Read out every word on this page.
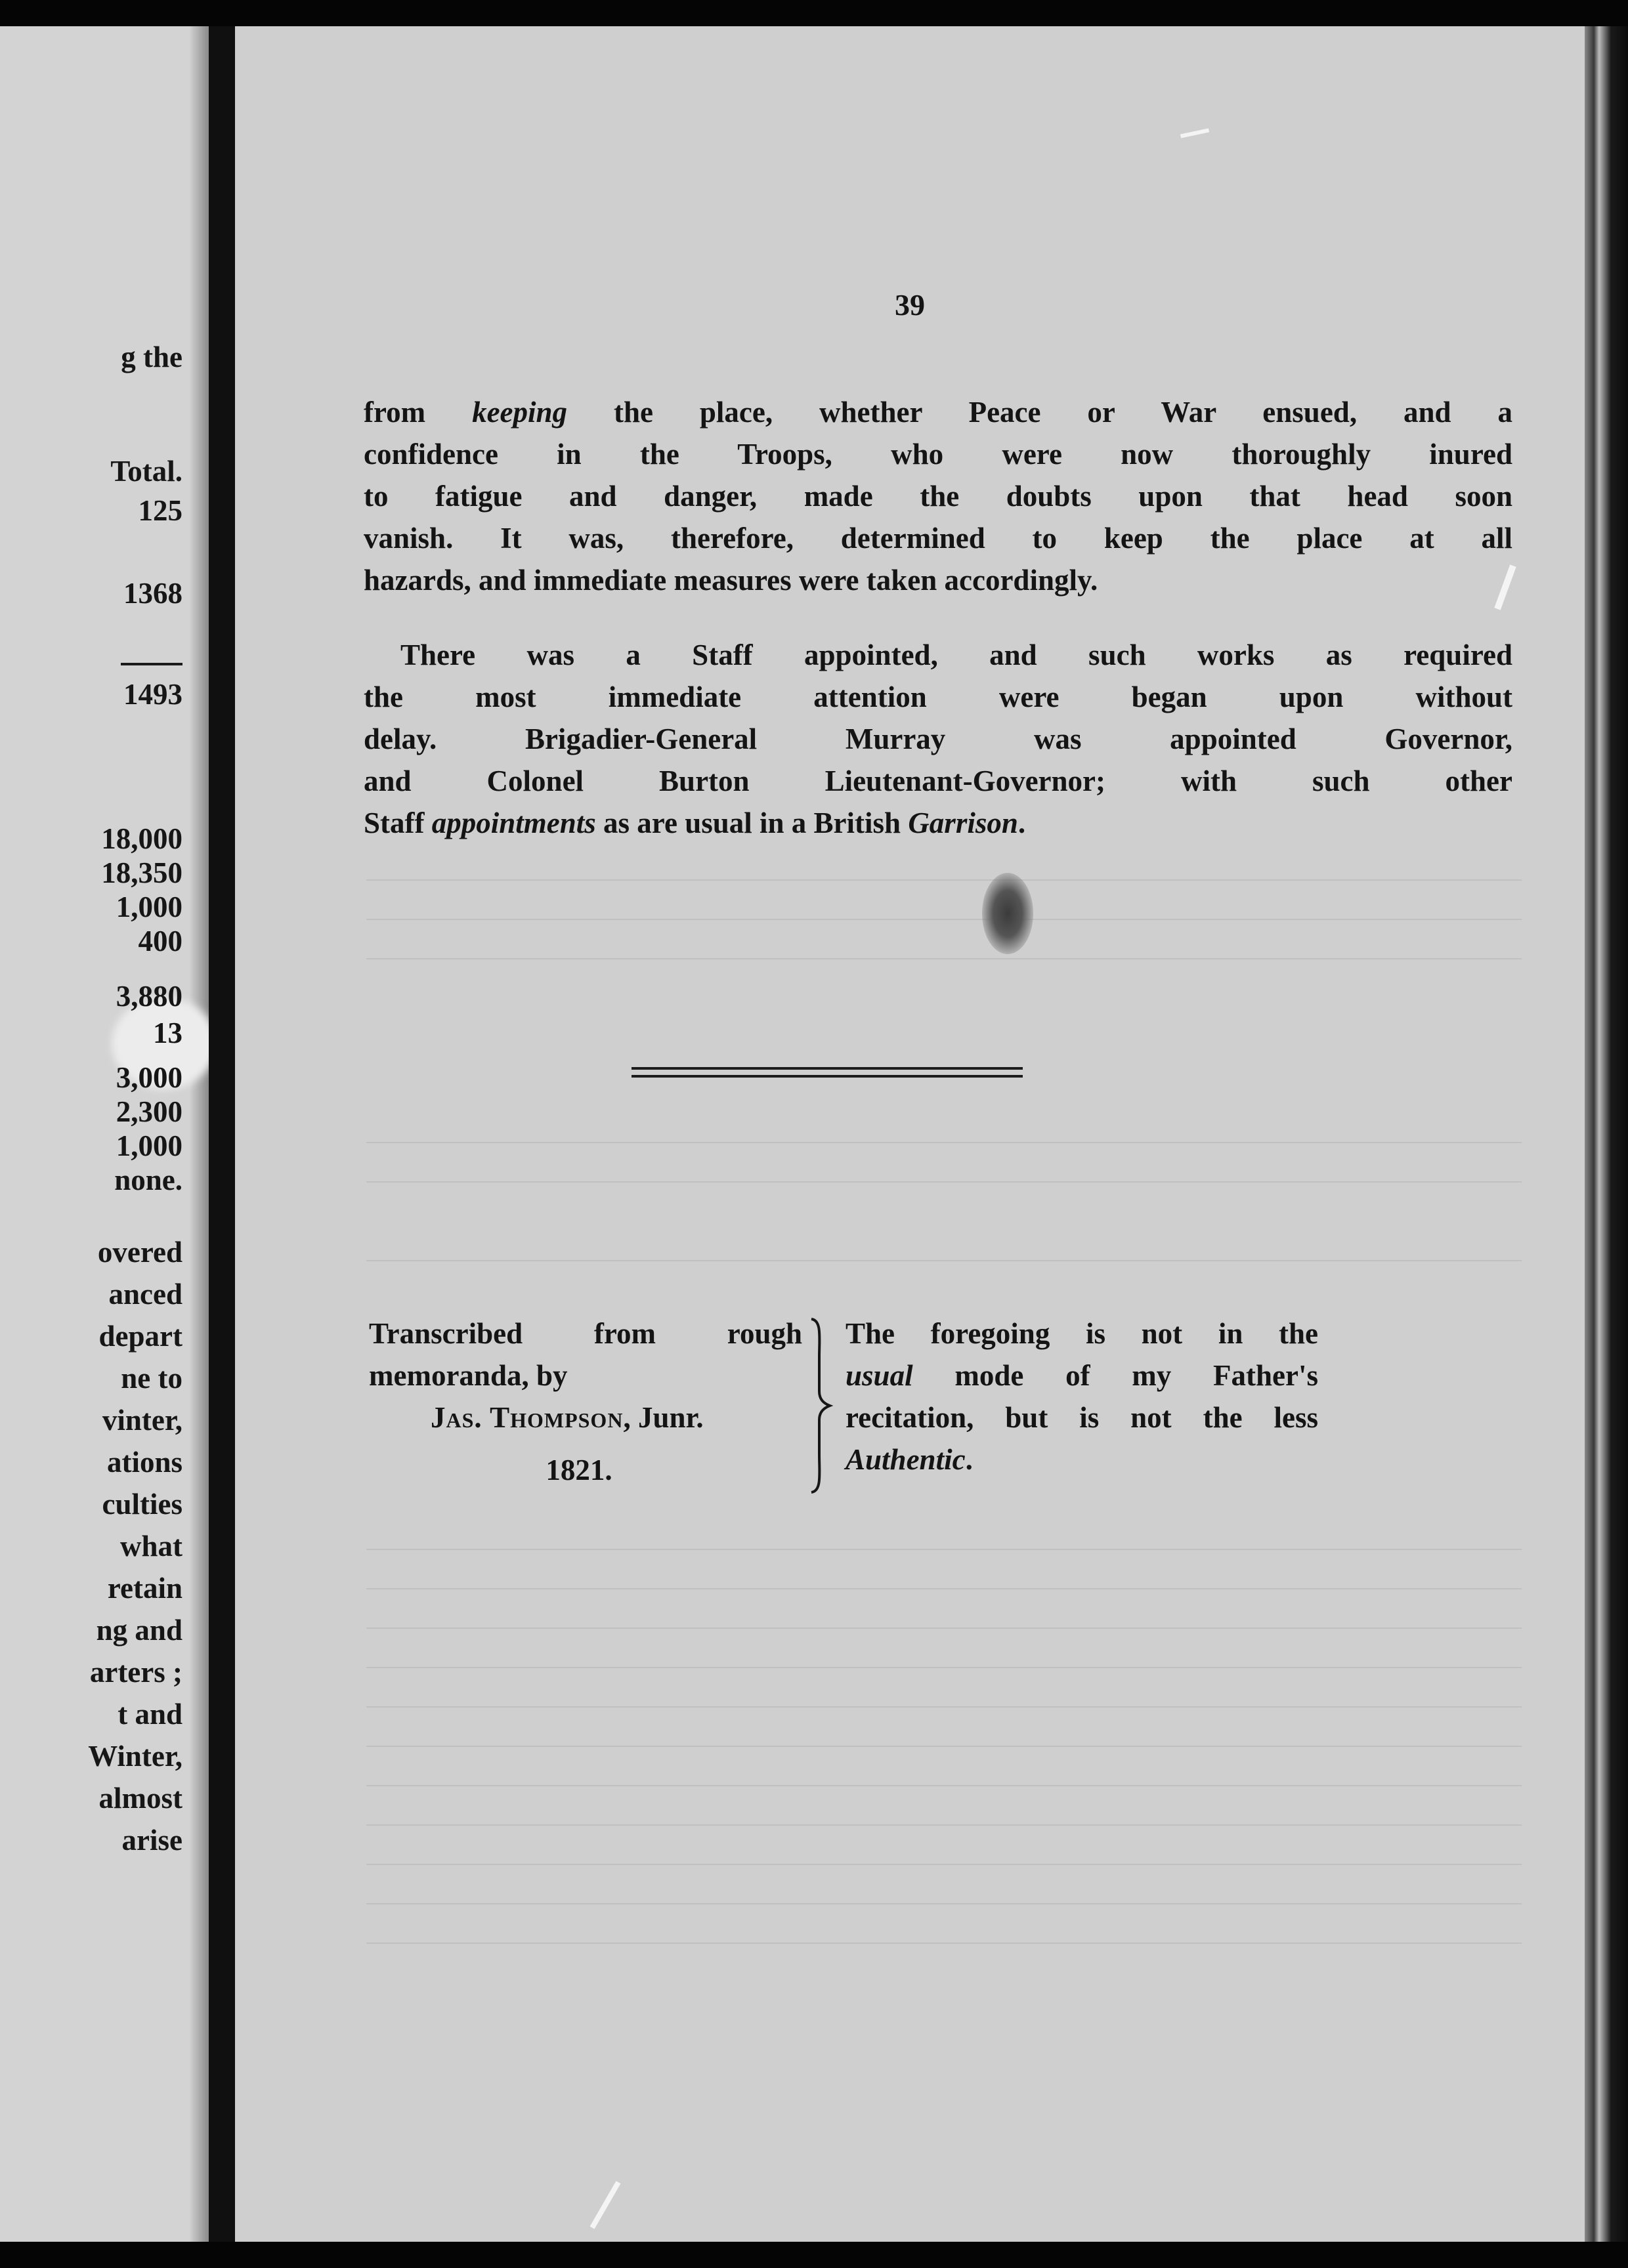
g the
Total.
125
1368
1493
18,000
18,350
1,000
400
3,880
13
3,000
2,300
1,000
none.
overed
anced
depart
ne to
vinter,
ations
culties
what
retain
ng and
arters ;
t and
Winter,
almost
arise
39
from keeping the place, whether Peace or War ensued, and a
confidence in the Troops, who were now thoroughly inured
to fatigue and danger, made the doubts upon that head soon
vanish. It was, therefore, determined to keep the place at all
hazards, and immediate measures were taken accordingly.
There was a Staff appointed, and such works as required
the most immediate attention were began upon without
delay. Brigadier-General Murray was appointed Governor,
and Colonel Burton Lieutenant-Governor; with such other
Staff appointments as are usual in a British Garrison.
Transcribed from rough
memoranda, by
Jas. Thompson, Junr.
1821.
The foregoing is not in the
usual mode of my Father's
recitation, but is not the less
Authentic.
